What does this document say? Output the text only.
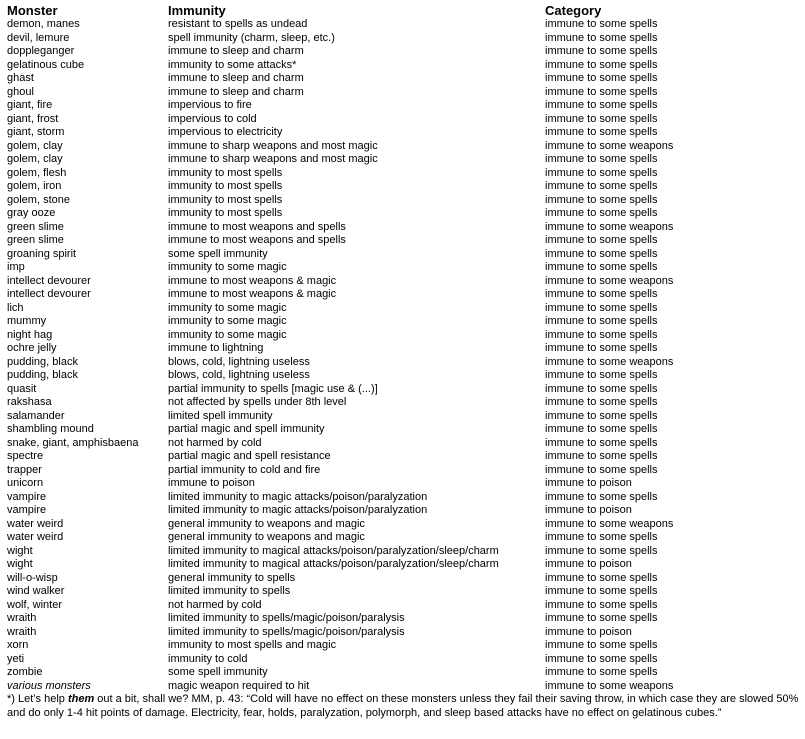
Monster	Immunity	Category
demon, manes	resistant to spells as undead	immune to some spells
devil, lemure	spell immunity (charm, sleep, etc.)	immune to some spells
doppleganger	immune to sleep and charm	immune to some spells
gelatinous cube	immunity to some attacks*	immune to some spells
ghast	immune to sleep and charm	immune to some spells
ghoul	immune to sleep and charm	immune to some spells
giant, fire	impervious to fire	immune to some spells
giant, frost	impervious to cold	immune to some spells
giant, storm	impervious to electricity	immune to some spells
golem, clay	immune to sharp weapons and most magic	immune to some weapons
golem, clay	immune to sharp weapons and most magic	immune to some spells
golem, flesh	immunity to most spells	immune to some spells
golem, iron	immunity to most spells	immune to some spells
golem, stone	immunity to most spells	immune to some spells
gray ooze	immunity to most spells	immune to some spells
green slime	immune to most weapons and spells	immune to some weapons
green slime	immune to most weapons and spells	immune to some spells
groaning spirit	some spell immunity	immune to some spells
imp	immunity to some magic	immune to some spells
intellect devourer	immune to most weapons & magic	immune to some weapons
intellect devourer	immune to most weapons & magic	immune to some spells
lich	immunity to some magic	immune to some spells
mummy	immunity to some magic	immune to some spells
night hag	immunity to some magic	immune to some spells
ochre jelly	immune to lightning	immune to some spells
pudding, black	blows, cold, lightning useless	immune to some weapons
pudding, black	blows, cold, lightning useless	immune to some spells
quasit	partial immunity to spells [magic use & (...)]	immune to some spells
rakshasa	not affected by spells under 8th level	immune to some spells
salamander	limited spell immunity	immune to some spells
shambling mound	partial magic and spell immunity	immune to some spells
snake, giant, amphisbaena	not harmed by cold	immune to some spells
spectre	partial magic and spell resistance	immune to some spells
trapper	partial immunity to cold and fire	immune to some spells
unicorn	immune to poison	immune to poison
vampire	limited immunity to magic attacks/poison/paralyzation	immune to some spells
vampire	limited immunity to magic attacks/poison/paralyzation	immune to poison
water weird	general immunity to weapons and magic	immune to some weapons
water weird	general immunity to weapons and magic	immune to some spells
wight	limited immunity to magical attacks/poison/paralyzation/sleep/charm	immune to some spells
wight	limited immunity to magical attacks/poison/paralyzation/sleep/charm	immune to poison
will-o-wisp	general immunity to spells	immune to some spells
wind walker	limited immunity to spells	immune to some spells
wolf, winter	not harmed by cold	immune to some spells
wraith	limited immunity to spells/magic/poison/paralysis	immune to some spells
wraith	limited immunity to spells/magic/poison/paralysis	immune to poison
xorn	immunity to most spells and magic	immune to some spells
yeti	immunity to cold	immune to some spells
zombie	some spell immunity	immune to some spells
various monsters	magic weapon required to hit	immune to some weapons
*) Let’s help them out a bit, shall we? MM, p. 43: “Cold will have no effect on these monsters unless they fail their saving throw, in which case they are slowed 50% and do only 1-4 hit points of damage. Electricity, fear, holds, paralyzation, polymorph, and sleep based attacks have no effect on gelatinous cubes.”
